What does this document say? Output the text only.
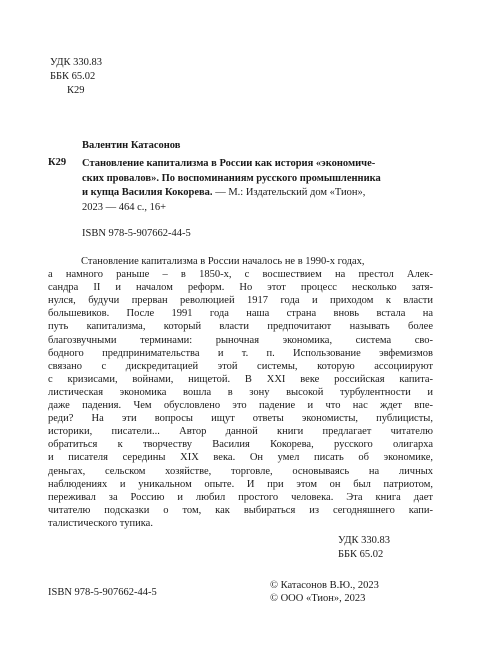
УДК 330.83
ББК 65.02
К29
Валентин Катасонов
К29 Становление капитализма в России как история «экономиче-
ских провалов». По воспоминаниям русского промышленника
и купца Василия Кокорева. — М.: Издательский дом «Тион»,
2023 — 464 с., 16+
ISBN 978-5-907662-44-5
Становление капитализма в России началось не в 1990-х годах,
а намного раньше – в 1850-х, с восшествием на престол Алек-
сандра II и началом реформ. Но этот процесс несколько затя-
нулся, будучи прерван революцией 1917 года и приходом к власти
большевиков. После 1991 года наша страна вновь встала на
путь капитализма, который власти предпочитают называть более
благозвучными терминами: рыночная экономика, система сво-
бодного предпринимательства и т. п. Использование эвфемизмов
связано с дискредитацией этой системы, которую ассоциируют
с кризисами, войнами, нищетой. В XXI веке российская капита-
листическая экономика вошла в зону высокой турбулентности и
даже падения. Чем обусловлено это падение и что нас ждет впе-
реди? На эти вопросы ищут ответы экономисты, публицисты,
историки, писатели... Автор данной книги предлагает читателю
обратиться к творчеству Василия Кокорева, русского олигарха
и писателя середины XIX века. Он умел писать об экономике,
деньгах, сельском хозяйстве, торговле, основываясь на личных
наблюдениях и уникальном опыте. И при этом он был патриотом,
переживал за Россию и любил простого человека. Эта книга дает
читателю подсказки о том, как выбираться из сегодняшнего капи-
талистического тупика.
УДК 330.83
ББК 65.02
ISBN 978-5-907662-44-5
© Катасонов В.Ю., 2023
© ООО «Тион», 2023
